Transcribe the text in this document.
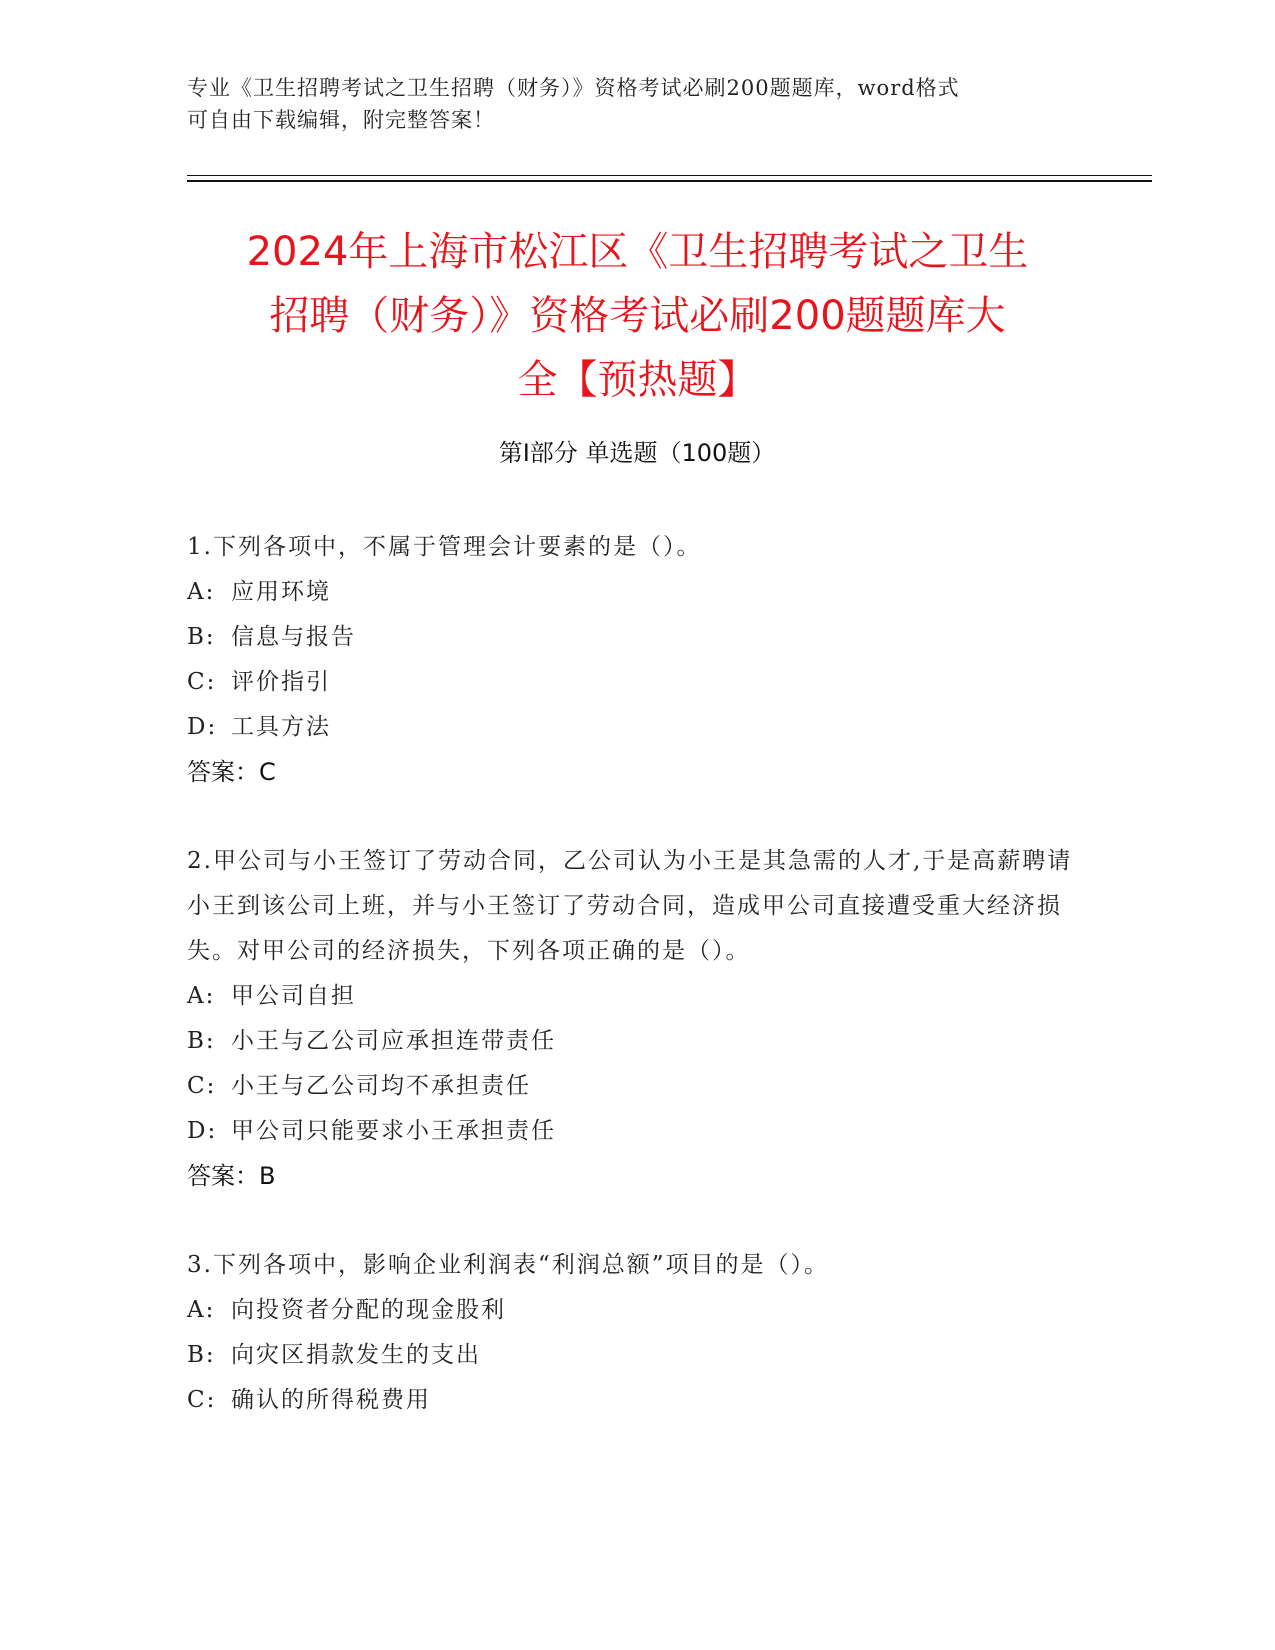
专业《卫生招聘考试之卫生招聘（财务）》资格考试必刷200题题库，word格式
可自由下载编辑，附完整答案！
2024年上海市松江区《卫生招聘考试之卫生
招聘（财务）》资格考试必刷200题题库大
全【预热题】
第Ⅰ部分 单选题（100题）

1.下列各项中，不属于管理会计要素的是（）。

A: 应用环境

B: 信息与报告

C: 评价指引

D: 工具方法

答案：C

2.甲公司与小王签订了劳动合同，乙公司认为小王是其急需的人才,于是高薪聘请小王到该公司上班，并与小王签订了劳动合同，造成甲公司直接遭受重大经济损失。对甲公司的经济损失，下列各项正确的是（）。

A: 甲公司自担

B: 小王与乙公司应承担连带责任

C: 小王与乙公司均不承担责任

D: 甲公司只能要求小王承担责任

答案：B

3.下列各项中，影响企业利润表“利润总额”项目的是（）。

A: 向投资者分配的现金股利

B: 向灾区捐款发生的支出

C: 确认的所得税费用
